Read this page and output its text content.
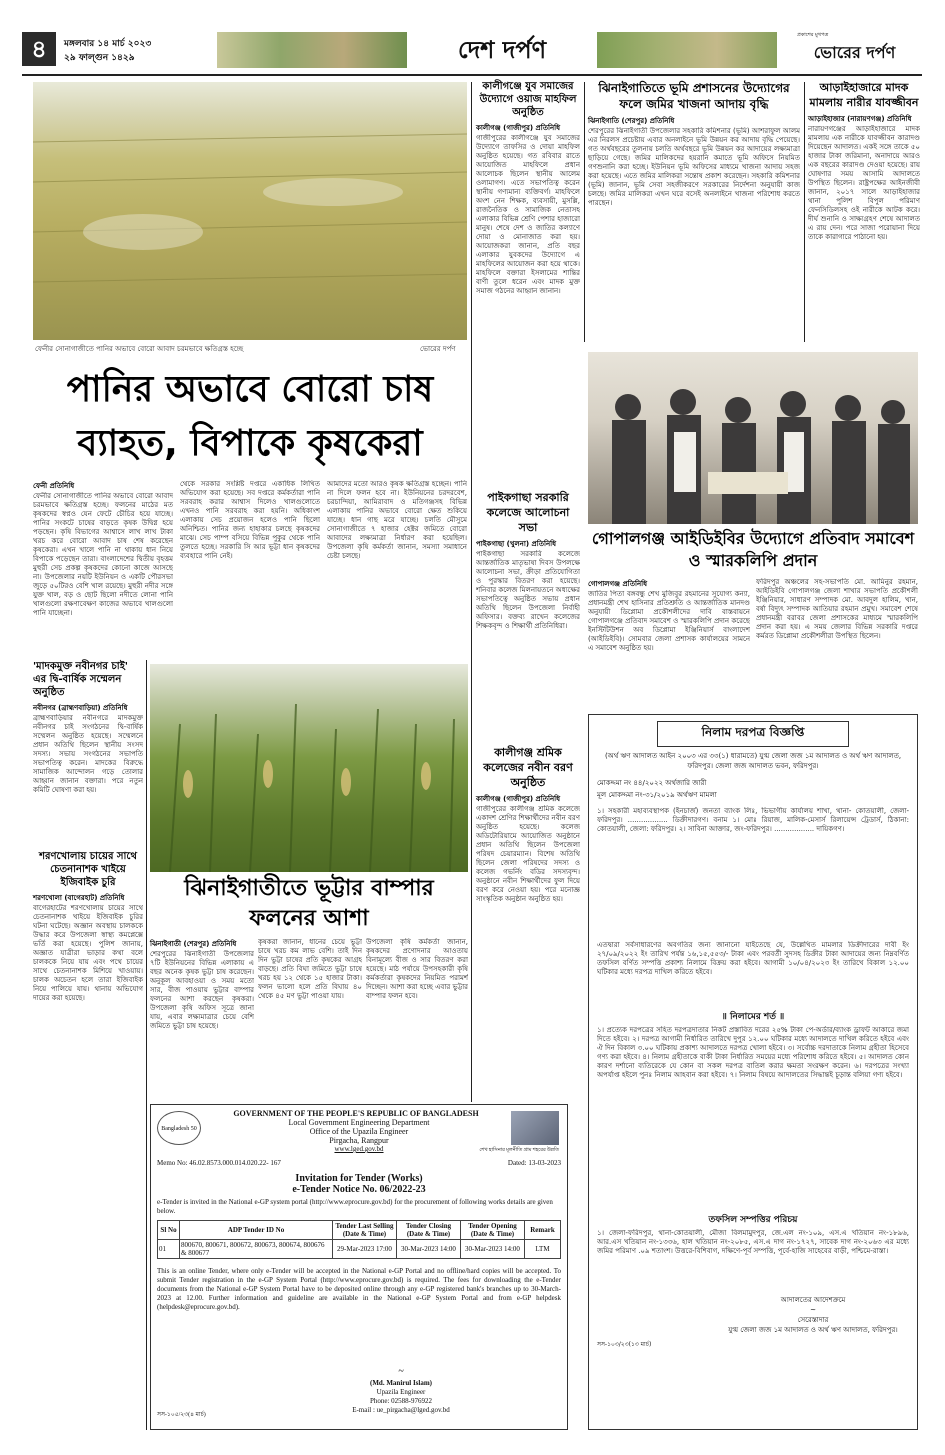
৪	মঙ্গলবার ১৪ মার্চ ২০২৩
২৯ ফাল্গুন ১৪২৯	দেশ দর্পণ
প্রকাশের মুখপত্র
ভোরের দর্পণ
ফেনীর সোনাগাজীতে পানির অভাবে বোরো আবাদ চরমভাবে ক্ষতিগ্রস্ত হচ্ছে	ভোরের দর্পণ
পানির অভাবে বোরো চাষ
ব্যাহত, বিপাকে কৃষকেরা
ফেনী প্রতিনিধি
ফেনীর সোনাগাজীতে পানির অভাবে বোরো আবাদ চরমভাবে ক্ষতিগ্রস্ত হচ্ছে। ফলনের মাঠের মত কৃষকদের স্বপ্নও যেন ফেটে চৌচির হয়ে যাচ্ছে। পানির সংকটে চাষের বাড়তে কৃষক উদ্বিগ্ন হয়ে পড়ছেন। কৃষি বিভাগের আশ্বাসে লাখ লাখ টাকা খরচ করে বোরো আবাদ চাষ শেষ করেছেন কৃষকেরা। এখন খালে পানি না থাকায় ধান নিয়ে বিপাকে পড়েছেন তারা। বাংলাদেশের দ্বিতীয় বৃহত্তম মুহুরী সেচ প্রকল্প কৃষকদের কোনো কাজে আসছে না। উপজেলার নয়টি ইউনিয়ন ও একটি পৌরসভা জুড়ে ৫০টিরও বেশি খাল রয়েছে। মুহুরী নদীর সঙ্গে যুক্ত খাল, বড় ও ছোট ছিলো নদীতে লোনা পানি খালগুলো রক্ষণাবেক্ষণ কাজের অভাবে খালগুলো পানি যাচ্ছেনা।
থেকে সরকার সংশ্লিষ্ট দপ্তরে একাধিক লিখিত অভিযোগ করা হয়েছে। সব দপ্তরে কর্মকর্তারা পানি সরবরাহ করার আশ্বাস দিলেও খালগুলোতে এখনও পানি সরবরাহ করা হয়নি। অধিকাংশ এলাকায় সেচ প্রয়োজন হলেও পানি ছিলো অনিশ্চিত। পানির জন্য হাহাকার চলছে কৃষকদের মাঝে। সেচ পাম্প বসিয়ে বিভিন্ন পুকুর থেকে পানি তুলতে হচ্ছে। সরকারি সি আর ভূট্টা ধান কৃষকদের ব্যবহারে পানি নেই।
আমাদের মতো আরও কৃষক ক্ষতিগ্রস্ত হচ্ছেন। পানি না দিলে ফলন হবে না। ইউনিয়নের চরদরবেশ, চরচান্দিয়া, আমিরাবাদ ও মতিগঞ্জসহ বিভিন্ন এলাকায় পানির অভাবে বোরো ক্ষেত শুকিয়ে যাচ্ছে। ধান গাছ মরে যাচ্ছে। চলতি মৌসুমে সোনাগাজীতে ৭ হাজার হেক্টর জমিতে বোরো আবাদের লক্ষ্যমাত্রা নির্ধারণ করা হয়েছিল। উপজেলা কৃষি কর্মকর্তা জানান, সমস্যা সমাধানে চেষ্টা চলছে।
'মাদকমুক্ত নবীনগর চাই' এর দ্বি-বার্ষিক সম্মেলন অনুষ্ঠিত
নবীনগর (ব্রাহ্মণবাড়িয়া) প্রতিনিধি
ব্রাহ্মণবাড়িয়ার নবীনগরে মাদকমুক্ত নবীনগর চাই সংগঠনের দ্বি-বার্ষিক সম্মেলন অনুষ্ঠিত হয়েছে। সম্মেলনে প্রধান অতিথি ছিলেন স্থানীয় সংসদ সদস্য। সভায় সংগঠনের সভাপতি সভাপতিত্ব করেন। মাদকের বিরুদ্ধে সামাজিক আন্দোলন গড়ে তোলার আহ্বান জানান বক্তারা। পরে নতুন কমিটি ঘোষণা করা হয়।
শরণখোলায় চায়ের সাথে চেতনানাশক খাইয়ে ইজিবাইক চুরি
শরণখোলা (বাগেরহাট) প্রতিনিধি
বাগেরহাটের শরণখোলায় চায়ের সাথে চেতনানাশক খাইয়ে ইজিবাইক চুরির ঘটনা ঘটেছে। অজ্ঞান অবস্থায় চালককে উদ্ধার করে উপজেলা স্বাস্থ্য কমপ্লেক্সে ভর্তি করা হয়েছে। পুলিশ জানায়, অজ্ঞাত যাত্রীরা ভাড়ার কথা বলে চালককে নিয়ে যায় এবং পথে চায়ের সাথে চেতনানাশক মিশিয়ে খাওয়ায়। চালক অচেতন হলে তারা ইজিবাইক নিয়ে পালিয়ে যায়। থানায় অভিযোগ দায়ের করা হয়েছে।
ঝিনাইগাতীতে ভূট্টার বাম্পার
ফলনের আশা
ঝিনাইগাতী (শেরপুর) প্রতিনিধি
শেরপুরের ঝিনাইগাতী উপজেলার ৭টি ইউনিয়নের বিভিন্ন এলাকায় এ বছর অনেক কৃষক ভুট্টা চাষ করেছেন। অনুকূল আবহাওয়া ও সময় মতো সার, বীজ পাওয়ায় ভুট্টার বাম্পার ফলনের আশা করছেন কৃষকরা। উপজেলা কৃষি অফিস সূত্রে জানা যায়, এবার লক্ষ্যমাত্রার চেয়ে বেশি জমিতে ভুট্টা চাষ হয়েছে।
কৃষকরা জানান, ধানের চেয়ে ভুট্টা চাষে খরচ কম লাভ বেশি। তাই দিন দিন ভুট্টা চাষের প্রতি কৃষকের আগ্রহ বাড়ছে। প্রতি বিঘা জমিতে ভুট্টা চাষে খরচ হয় ১২ থেকে ১৫ হাজার টাকা। ফলন ভালো হলে প্রতি বিঘায় ৪০ থেকে ৪৫ মণ ভুট্টা পাওয়া যায়।
উপজেলা কৃষি কর্মকর্তা জানান, কৃষকদের প্রণোদনার আওতায় বিনামূল্যে বীজ ও সার বিতরণ করা হয়েছে। মাঠ পর্যায়ে উপসহকারী কৃষি কর্মকর্তারা কৃষকদের নিয়মিত পরামর্শ দিচ্ছেন। আশা করা হচ্ছে এবার ভুট্টার বাম্পার ফলন হবে।
Bangladesh 50
GOVERNMENT OF THE PEOPLE'S REPUBLIC OF BANGLADESH
Local Government Engineering Department
Office of the Upazila Engineer
Pirgacha, Rangpur
www.lged.gov.bd	শেখ হাসিনার মূলনীতি গ্রাম শহরের উন্নতি
Memo No: 46.02.8573.000.014.020.22- 167	Dated: 13-03-2023
Invitation for Tender (Works)
e-Tender Notice No. 06/2022-23
e-Tender is invited in the National e-GP system portal (http://www.eprocure.gov.bd) for the procurement of following works details are given below.
Sl No	ADP Tender ID No	Tender Last Selling (Date & Time)	Tender Closing (Date & Time)	Tender Opening (Date & Time)	Remark
01	800670, 800671, 800672, 800673, 800674, 800676 & 800677	29-Mar-2023 17:00	30-Mar-2023 14:00	30-Mar-2023 14:00	LTM
This is an online Tender, where only e-Tender will be accepted in the National e-GP Portal and no offline/hard copies will be accepted. To submit Tender registration in the e-GP System Portal (http://www.eprocure.gov.bd) is required. The fees for downloading the e-Tender documents from the National e-GP System Portal have to be deposited online through any e-GP registered bank's branches up to 30-March-2023 at 12.00. Further information and guideline are available in the National e-GP System Portal and from e-GP helpdesk (helpdesk@eprocure.gov.bd).
~
(Md. Manirul Islam)
Upazila Engineer
Phone: 02588-976922
E-mail : ue_pirgacha@lged.gov.bd
সস-১০৫/২৩(৪ মার্চ)
কালীগঞ্জে যুব সমাজের উদ্যোগে ওয়াজ মাহফিল অনুষ্ঠিত
কালীগঞ্জ (গাজীপুর) প্রতিনিধি
গাজীপুরের কালীগঞ্জে যুব সমাজের উদ্যোগে তাফসির ও দোয়া মাহফিল অনুষ্ঠিত হয়েছে। গত রবিবার রাতে আয়োজিত মাহফিলে প্রধান আলোচক ছিলেন স্থানীয় আলেম ওলামাগণ। এতে সভাপতিত্ব করেন স্থানীয় গণ্যমান্য ব্যক্তিবর্গ। মাহফিলে অংশ নেন শিক্ষক, ব্যবসায়ী, মুসল্লি, রাজনৈতিক ও সামাজিক নেতাসহ এলাকার বিভিন্ন শ্রেণি পেশার হাজারো মানুষ। শেষে দেশ ও জাতির কল্যাণে দোয়া ও মোনাজাত করা হয়। আয়োজকরা জানান, প্রতি বছর এলাকার যুবকদের উদ্যোগে এ মাহফিলের আয়োজন করা হয়ে থাকে। মাহফিলে বক্তারা ইসলামের শান্তির বাণী তুলে ধরেন এবং মাদক মুক্ত সমাজ গঠনের আহ্বান জানান।
পাইকগাছা সরকারি কলেজে আলোচনা সভা
পাইকগাছা (খুলনা) প্রতিনিধি
পাইকগাছা সরকারি কলেজে আন্তর্জাতিক মাতৃভাষা দিবস উপলক্ষে আলোচনা সভা, ক্রীড়া প্রতিযোগিতা ও পুরস্কার বিতরণ করা হয়েছে। শনিবার কলেজ মিলনায়তনে অধ্যক্ষের সভাপতিত্বে অনুষ্ঠিত সভায় প্রধান অতিথি ছিলেন উপজেলা নির্বাহী অফিসার। বক্তব্য রাখেন কলেজের শিক্ষকবৃন্দ ও শিক্ষার্থী প্রতিনিধিরা।
কালীগঞ্জ শ্রমিক কলেজের নবীন বরণ অনুষ্ঠিত
কালীগঞ্জ (গাজীপুর) প্রতিনিধি
গাজীপুরের কালীগঞ্জ শ্রমিক কলেজে একাদশ শ্রেণির শিক্ষার্থীদের নবীন বরণ অনুষ্ঠিত হয়েছে। কলেজ অডিটোরিয়ামে আয়োজিত অনুষ্ঠানে প্রধান অতিথি ছিলেন উপজেলা পরিষদ চেয়ারম্যান। বিশেষ অতিথি ছিলেন জেলা পরিষদের সদস্য ও কলেজ গভর্নিং বডির সদস্যবৃন্দ। অনুষ্ঠানে নবীন শিক্ষার্থীদের ফুল দিয়ে বরণ করে নেওয়া হয়। পরে মনোজ্ঞ সাংস্কৃতিক অনুষ্ঠান অনুষ্ঠিত হয়।
ঝিনাইগাতিতে ভূমি প্রশাসনের উদ্যোগের ফলে জমির খাজনা আদায় বৃদ্ধি
ঝিনাইগাতি (শেরপুর) প্রতিনিধি
শেরপুরের ঝিনাইগাতী উপজেলার সহকারি কমিশনার (ভূমি) আশরাফুল আলম এর নিরলস প্রচেষ্টায় এবার অনলাইনে ভূমি উন্নয়ন কর আদায় বৃদ্ধি পেয়েছে। গত অর্থবছরের তুলনায় চলতি অর্থবছরে ভূমি উন্নয়ন কর আদায়ের লক্ষ্যমাত্রা ছাড়িয়ে গেছে। জমির মালিকদের হয়রানি কমাতে ভূমি অফিসে নিয়মিত গণশুনানি করা হচ্ছে। ইউনিয়ন ভূমি অফিসের মাধ্যমে খাজনা আদায় সহজ করা হয়েছে। এতে জমির মালিকরা সন্তোষ প্রকাশ করেছেন। সহকারি কমিশনার (ভূমি) জানান, ভূমি সেবা সহজীকরণে সরকারের নির্দেশনা অনুযায়ী কাজ চলছে। জমির মালিকরা এখন ঘরে বসেই অনলাইনে খাজনা পরিশোধ করতে পারছেন।
আড়াইহাজারে মাদক মামলায় নারীর যাবজ্জীবন
আড়াইহাজার (নারায়ণগঞ্জ) প্রতিনিধি
নারায়ণগঞ্জের আড়াইহাজারে মাদক মামলায় এক নারীকে যাবজ্জীবন কারাদণ্ড দিয়েছেন আদালত। একই সঙ্গে তাকে ৫০ হাজার টাকা জরিমানা, অনাদায়ে আরও এক বছরের কারাদণ্ড দেওয়া হয়েছে। রায় ঘোষণার সময় আসামি আদালতে উপস্থিত ছিলেন। রাষ্ট্রপক্ষের আইনজীবী জানান, ২০১৭ সালে আড়াইহাজার থানা পুলিশ বিপুল পরিমাণ ফেনসিডিলসহ ওই নারীকে আটক করে। দীর্ঘ শুনানি ও সাক্ষ্যগ্রহণ শেষে আদালত এ রায় দেন। পরে সাজা পরোয়ানা দিয়ে তাকে কারাগারে পাঠানো হয়।
গোপালগঞ্জ আইডিইবির উদ্যোগে প্রতিবাদ সমাবেশ ও স্মারকলিপি প্রদান
গোপালগঞ্জ প্রতিনিধি
জাতির পিতা বঙ্গবন্ধু শেখ মুজিবুর রহমানের সুযোগ্য কন্যা, প্রধানমন্ত্রী শেখ হাসিনার প্রতিশ্রুতি ও আন্তর্জাতিক মানদণ্ড অনুযায়ী ডিপ্লোমা প্রকৌশলীদের দাবি বাস্তবায়নে গোপালগঞ্জে প্রতিবাদ সমাবেশ ও স্মারকলিপি প্রদান করেছে ইনস্টিটিউশন অব ডিপ্লোমা ইঞ্জিনিয়ার্স বাংলাদেশ (আইডিইবি)। সোমবার জেলা প্রশাসক কার্যালয়ের সামনে এ সমাবেশ অনুষ্ঠিত হয়।
ফরিদপুর অঞ্চলের সহ-সভাপতি মো. আমিনুর রহমান, আইডিইবি গোপালগঞ্জ জেলা শাখার সভাপতি প্রকৌশলী ইঞ্জিনিয়ার, সাধারণ সম্পাদক মো. আবদুল হালিম, খান, বর্ষা বিদ্যুৎ সম্পাদক আতিয়ার রহমান প্রমুখ। সমাবেশ শেষে প্রধানমন্ত্রী বরাবর জেলা প্রশাসকের মাধ্যমে স্মারকলিপি প্রদান করা হয়। এ সময় জেলার বিভিন্ন সরকারি দপ্তরে কর্মরত ডিপ্লোমা প্রকৌশলীরা উপস্থিত ছিলেন।
নিলাম দরপত্র বিজ্ঞপ্তি
(অর্থ ঋণ আদালত আইন ২০০৩ এর ৩৩(১) ধারামতে) যুগ্ম জেলা জজ ১ম আদালত ও অর্থ ঋণ আদালত, ফরিদপুর। জেলা জজ আদালত ভবন, ফরিদপুর।
মোকদ্দমা নং ৪৪/২০২২ অর্থজারি জারী
মূল মোকদ্দমা নং-৩১/২০১৯ অর্থঋণ মামলা
১। সহকারী মহাব্যবস্থাপক (ইনচার্জ) জনতা ব্যাংক লিঃ, ভিভাগীয় কার্যালয় শাখা, থানা- কোতয়ালী, জেলা- ফরিদপুর। .................. ডিক্রীদারগণ। বনাম ১। মোঃ রিয়াজ, মালিক-মেসার্স রিলায়েন্স ট্রেডার্স, ঠিকানা: কোতয়ালী, জেলা: ফরিদপুর। ২। সাবিনা আক্তার, জং-ফরিদপুর। .................. দায়িকগণ।
এতদ্বারা সর্বসাধারণের অবগতির জন্য জানানো যাইতেছে যে, উল্লেখিত মামলার ডিক্রীদারের দাবী ইং ২৭/০৯/২০২২ ইং তারিখ পর্যন্ত ১৬,১৫,৫৫৩/- টাকা এবং পরবর্তী সুদসহ ডিক্রীর টাকা আদায়ের জন্য নিম্নবর্ণিত তফসিল বর্ণিত সম্পত্তি প্রকাশ্য নিলামে বিক্রয় করা হইবে। আগামী ১০/০৪/২০২৩ ইং তারিখে বিকাল ১২.০০ ঘটিকার মধ্যে দরপত্র দাখিল করিতে হইবে।
॥ নিলামের শর্ত ॥
১। প্রত্যেক দরপত্রের সহিত দরপত্রদাতার নিকট প্রস্তাবিত দরের ২৫% টাকা পে-অর্ডার/ব্যাংক ড্রাফট আকারে জমা দিতে হইবে। ২। দরপত্র আগামী নির্ধারিত তারিখে দুপুর ১২.০০ ঘটিকার মধ্যে আদালতে দাখিল করিতে হইবে এবং ঐ দিন বিকাল ৩.০০ ঘটিকায় প্রকাশ্য আদালতে দরপত্র খোলা হইবে। ৩। সর্বোচ্চ দরদাতাকে নিলাম গ্রহীতা হিসেবে গণ্য করা হইবে। ৪। নিলাম গ্রহীতাকে বাকী টাকা নির্ধারিত সময়ের মধ্যে পরিশোধ করিতে হইবে। ৫। আদালত কোন কারণ দর্শানো ব্যতিরেকে যে কোন বা সকল দরপত্র বাতিল করার ক্ষমতা সংরক্ষণ করেন। ৬। দরপত্রের সংখ্যা অপর্যাপ্ত হইলে পুনঃ নিলাম আহবান করা হইবে। ৭। নিলাম বিষয়ে আদালতের সিদ্ধান্তই চূড়ান্ত বলিয়া গণ্য হইবে।
তফসিল সম্পত্তির পরিচয়
১। জেলা-ফরিদপুর, থানা-কোতয়ালী, মৌজা বিলমামুদপুর, জে.এল নং-১০৯, এস.এ খতিয়ান নং-১৮৯৬, আর.এস খতিয়ান নং-১৩৩৬, হাল খতিয়ান নং-২০৮৫, এস.এ দাগ নং-১৭২৭, সাবেক দাগ নং-২০৬৩ এর মধ্যে জমির পরিমাণ .০৯ শতাংশ। উত্তরে-বিশিবাগ, দক্ষিণে-পূর্ব সম্পত্তি, পূর্বে-হাজি সাহেবের বাড়ী, পশ্চিমে-রাস্তা।
আদালতের আদেশক্রমে
~
সেরেস্তাদার
যুগ্ম জেলা জজ ১ম আদালত ও অর্থ ঋণ আদালত, ফরিদপুর।
সস-১০৩/২৩(১৩ মার্চ)
